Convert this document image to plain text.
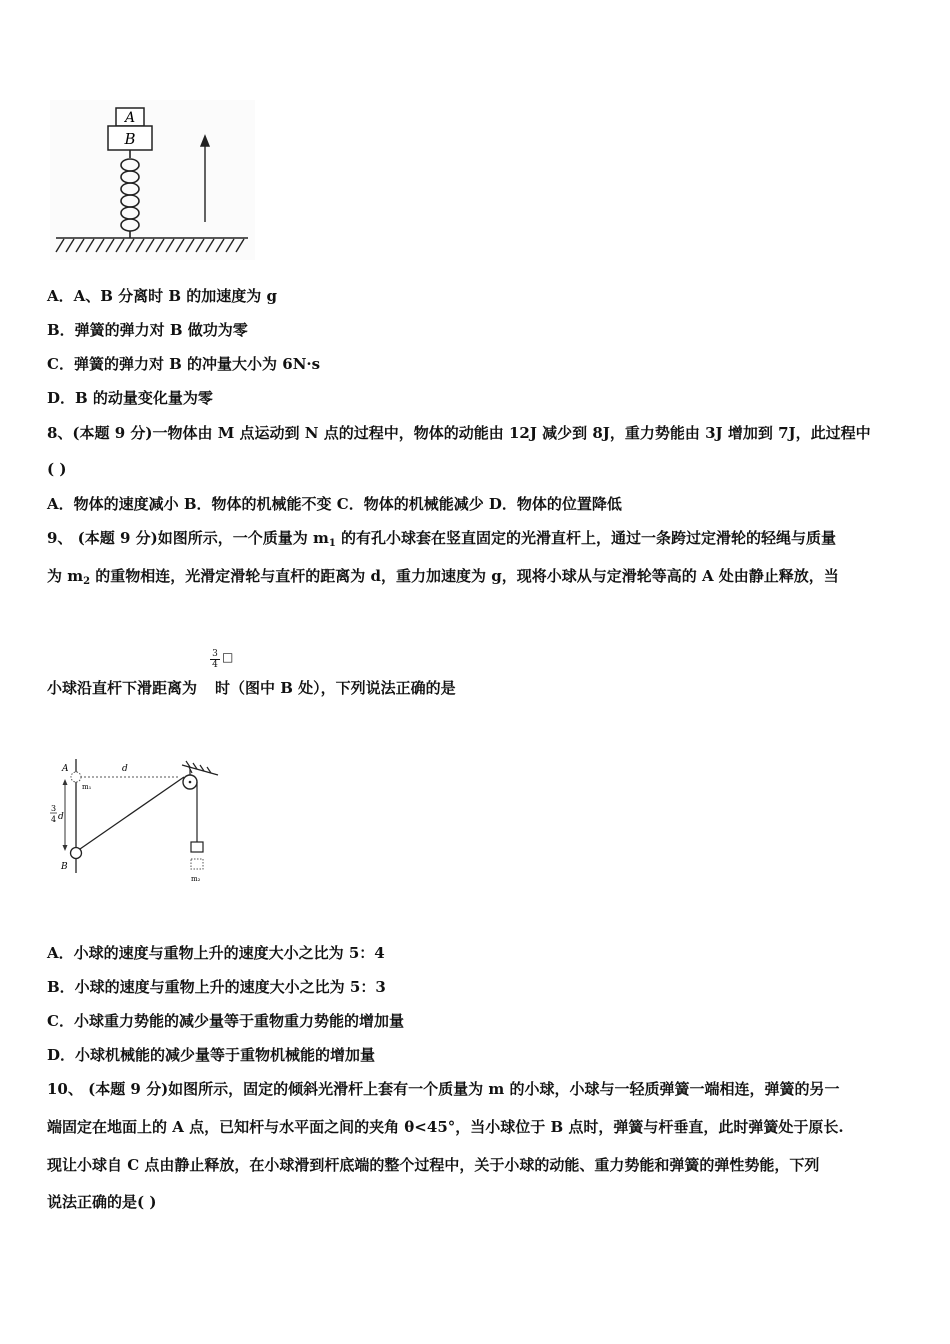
A
B
A．A、B 分离时 B 的加速度为 g
B．弹簧的弹力对 B 做功为零
C．弹簧的弹力对 B 的冲量大小为 6N·s
D．B 的动量变化量为零
8、(本题 9 分)一物体由 M 点运动到 N 点的过程中，物体的动能由 12J 减少到 8J，重力势能由 3J 增加到 7J，此过程中
( )
A．物体的速度减小 B．物体的机械能不变 C．物体的机械能减少 D．物体的位置降低
9、 (本题 9 分)如图所示，一个质量为 $m_1$ 的有孔小球套在竖直固定的光滑直杆上，通过一条跨过定滑轮的轻绳与质量
为 $m_2$ 的重物相连，光滑定滑轮与直杆的距离为 d，重力加速度为 g，现将小球从与定滑轮等高的 A 处由静止释放，当
$\frac{3}{4}$ □
小球沿直杆下滑距离为 时（图中 B 处），下列说法正确的是
A	d
m₁
3
4 d
B
m₂
A．小球的速度与重物上升的速度大小之比为 5：4
B．小球的速度与重物上升的速度大小之比为 5：3
C．小球重力势能的减少量等于重物重力势能的增加量
D．小球机械能的减少量等于重物机械能的增加量
10、 (本题 9 分)如图所示，固定的倾斜光滑杆上套有一个质量为 m 的小球，小球与一轻质弹簧一端相连，弹簧的另一
端固定在地面上的 A 点，已知杆与水平面之间的夹角 θ<45°，当小球位于 B 点时，弹簧与杆垂直，此时弹簧处于原长.
现让小球自 C 点由静止释放，在小球滑到杆底端的整个过程中，关于小球的动能、重力势能和弹簧的弹性势能，下列
说法正确的是( )
